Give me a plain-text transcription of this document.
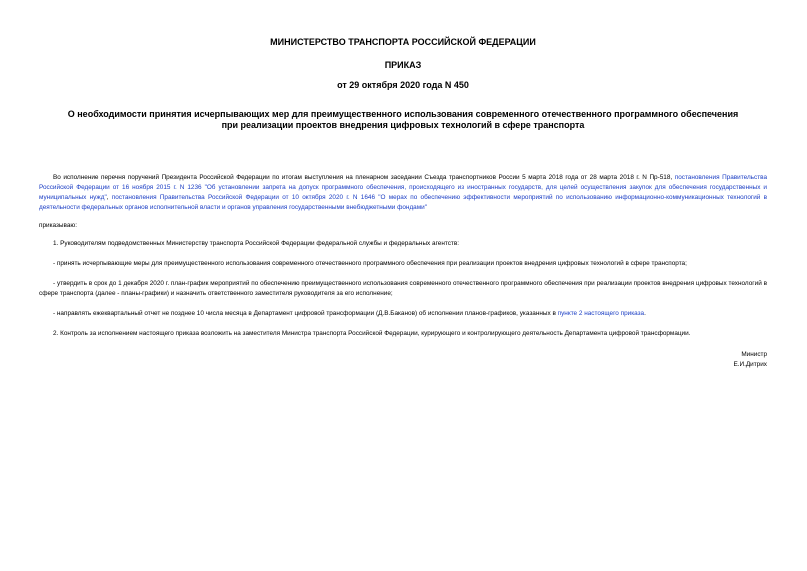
МИНИСТЕРСТВО ТРАНСПОРТА РОССИЙСКОЙ ФЕДЕРАЦИИ
ПРИКАЗ
от 29 октября 2020 года N 450
О необходимости принятия исчерпывающих мер для преимущественного использования современного отечественного программного обеспечения при реализации проектов внедрения цифровых технологий в сфере транспорта

Во исполнение перечня поручений Президента Российской Федерации по итогам выступления на пленарном заседании Съезда транспортников России 5 марта 2018 года от 28 марта 2018 г. N Пр-518, постановления Правительства Российской Федерации от 16 ноября 2015 г. N 1236 "Об установлении запрета на допуск программного обеспечения, происходящего из иностранных государств, для целей осуществления закупок для обеспечения государственных и муниципальных нужд", постановления Правительства Российской Федерации от 10 октября 2020 г. N 1646 "О мерах по обеспечению эффективности мероприятий по использованию информационно-коммуникационных технологий в деятельности федеральных органов исполнительной власти и органов управления государственными внебюджетными фондами"

приказываю:

1. Руководителям подведомственных Министерству транспорта Российской Федерации федеральной службы и федеральных агентств:

- принять исчерпывающие меры для преимущественного использования современного отечественного программного обеспечения при реализации проектов внедрения цифровых технологий в сфере транспорта;

- утвердить в срок до 1 декабря 2020 г. план-график мероприятий по обеспечению преимущественного использования современного отечественного программного обеспечения при реализации проектов внедрения цифровых технологий в сфере транспорта (далее - планы-графики) и назначить ответственного заместителя руководителя за его исполнение;

- направлять ежеквартальный отчет не позднее 10 числа месяца в Департамент цифровой трансформации (Д.В.Баканов) об исполнении планов-графиков, указанных в пункте 2 настоящего приказа.

2. Контроль за исполнением настоящего приказа возложить на заместителя Министра транспорта Российской Федерации, курирующего и контролирующего деятельность Департамента цифровой трансформации.

Министр
Е.И.Дитрих
